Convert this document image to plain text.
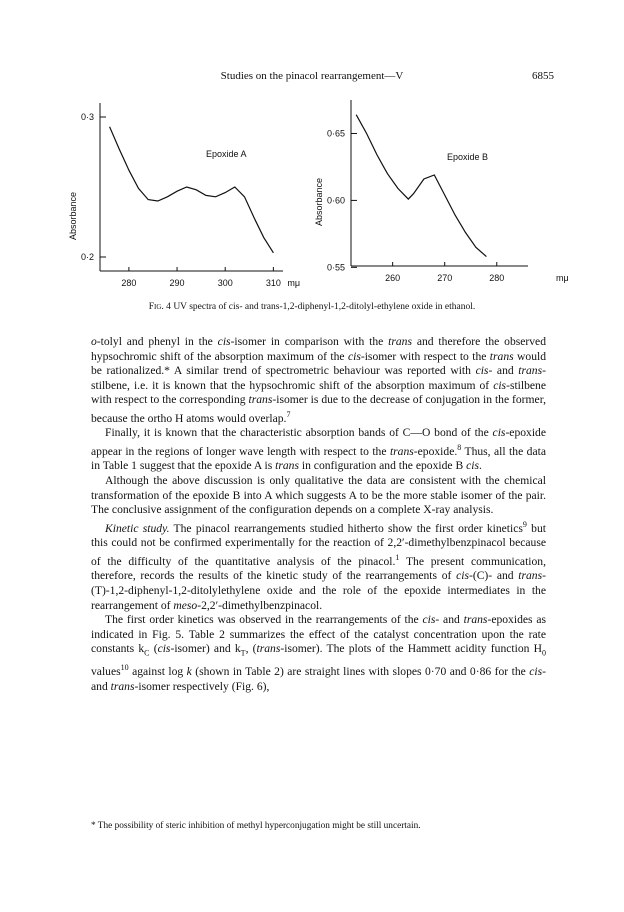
Studies on the pinacol rearrangement—V	6855
Epoxide A
Absorbance
280	290	300	310
0·2
0·3
mμ
Epoxide B
Absorbance
260	270	280
0·55
0·60
0·65
mμ
Fig. 4 UV spectra of cis- and trans-1,2-diphenyl-1,2-ditolyl-ethylene oxide in ethanol.

o-tolyl and phenyl in the cis-isomer in comparison with the trans and therefore the observed hypsochromic shift of the absorption maximum of the cis-isomer with respect to the trans would be rationalized.* A similar trend of spectrometric behaviour was reported with cis- and trans-stilbene, i.e. it is known that the hypsochromic shift of the absorption maximum of cis-stilbene with respect to the corresponding trans-isomer is due to the decrease of conjugation in the former, because the ortho H atoms would overlap.$^7$

Finally, it is known that the characteristic absorption bands of C—O bond of the cis-epoxide appear in the regions of longer wave length with respect to the trans-epoxide.$^8$ Thus, all the data in Table 1 suggest that the epoxide A is trans in configuration and the epoxide B cis.

Although the above discussion is only qualitative the data are consistent with the chemical transformation of the epoxide B into A which suggests A to be the more stable isomer of the pair. The conclusive assignment of the configuration depends on a complete X-ray analysis.

Kinetic study. The pinacol rearrangements studied hitherto show the first order kinetics$^9$ but this could not be confirmed experimentally for the reaction of 2,2′-dimethylbenzpinacol because of the difficulty of the quantitative analysis of the pinacol.$^1$ The present communication, therefore, records the results of the kinetic study of the rearrangements of cis-(C)- and trans-(T)-1,2-diphenyl-1,2-ditolylethylene oxide and the role of the epoxide intermediates in the rearrangement of meso-2,2′-dimethylbenzpinacol.

The first order kinetics was observed in the rearrangements of the cis- and trans-epoxides as indicated in Fig. 5. Table 2 summarizes the effect of the catalyst concentration upon the rate constants $k_C$ (cis-isomer) and $k_T$, (trans-isomer). The plots of the Hammett acidity function $H_0$ values$^{10}$ against log k (shown in Table 2) are straight lines with slopes 0·70 and 0·86 for the cis- and trans-isomer respectively (Fig. 6),

* The possibility of steric inhibition of methyl hyperconjugation might be still uncertain.
